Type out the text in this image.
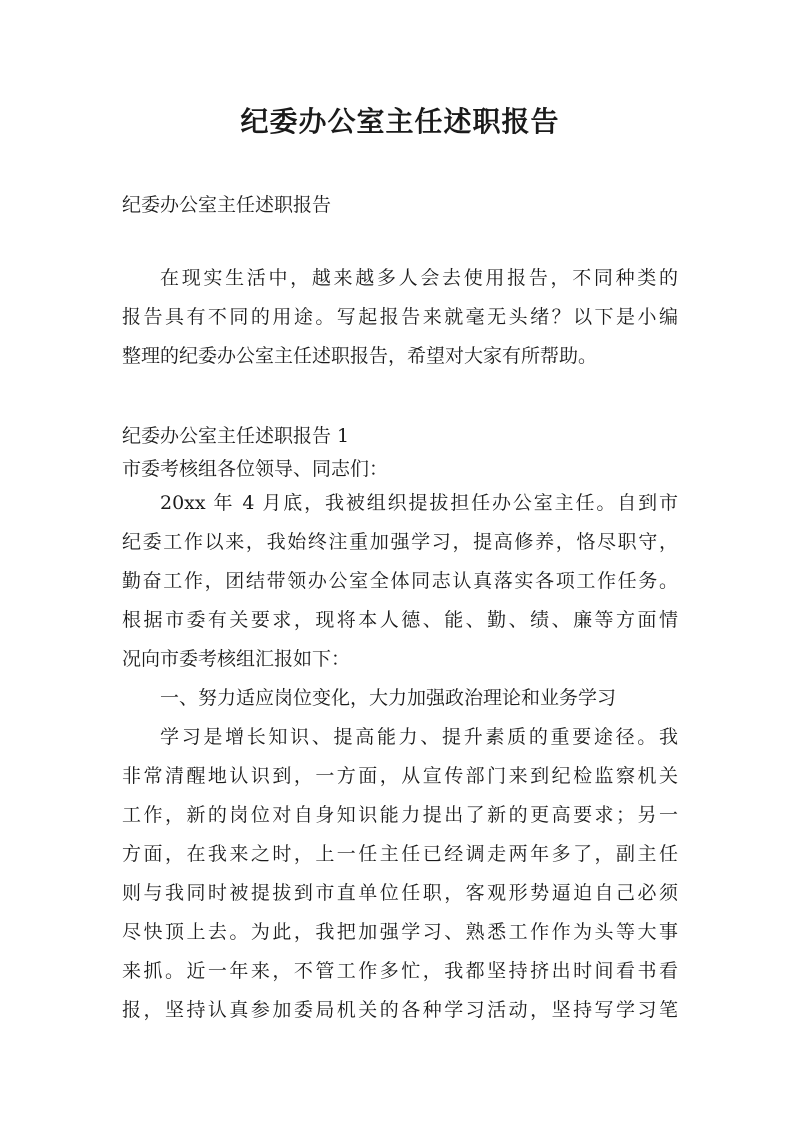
纪委办公室主任述职报告
纪委办公室主任述职报告
在现实生活中，越来越多人会去使用报告，不同种类的
报告具有不同的用途。写起报告来就毫无头绪？以下是小编
整理的纪委办公室主任述职报告，希望对大家有所帮助。
纪委办公室主任述职报告 1
市委考核组各位领导、同志们：
20xx 年 4 月底，我被组织提拔担任办公室主任。自到市
纪委工作以来，我始终注重加强学习，提高修养，恪尽职守，
勤奋工作，团结带领办公室全体同志认真落实各项工作任务。
根据市委有关要求，现将本人德、能、勤、绩、廉等方面情
况向市委考核组汇报如下：
一、努力适应岗位变化，大力加强政治理论和业务学习
学习是增长知识、提高能力、提升素质的重要途径。我
非常清醒地认识到，一方面，从宣传部门来到纪检监察机关
工作，新的岗位对自身知识能力提出了新的更高要求；另一
方面，在我来之时，上一任主任已经调走两年多了，副主任
则与我同时被提拔到市直单位任职，客观形势逼迫自己必须
尽快顶上去。为此，我把加强学习、熟悉工作作为头等大事
来抓。近一年来，不管工作多忙，我都坚持挤出时间看书看
报，坚持认真参加委局机关的各种学习活动，坚持写学习笔
